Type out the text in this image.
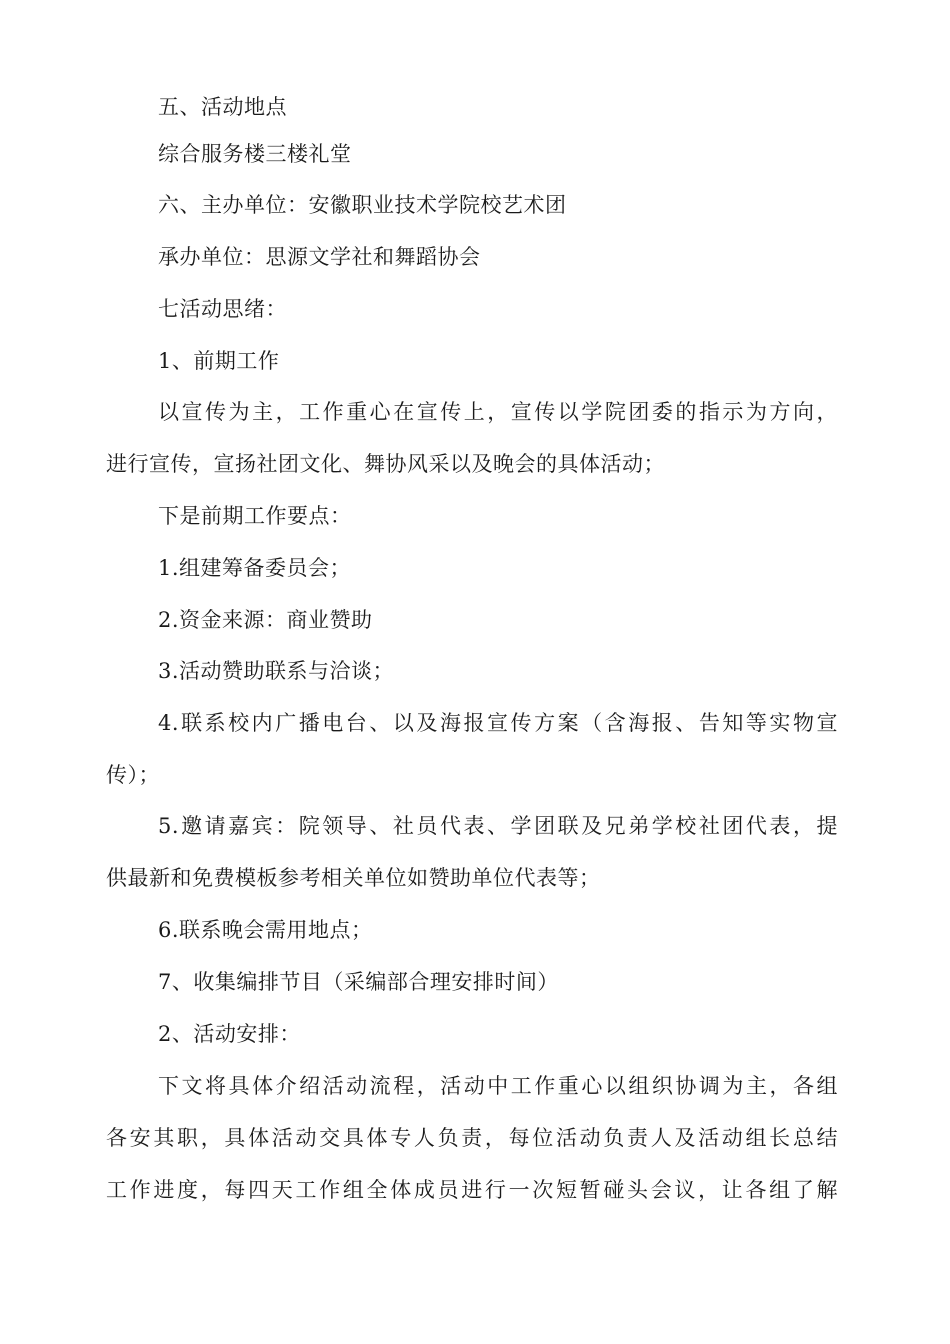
五、活动地点
综合服务楼三楼礼堂
六、主办单位：安徽职业技术学院校艺术团
承办单位：思源文学社和舞蹈协会
七活动思绪：
1、前期工作
以宣传为主，工作重心在宣传上，宣传以学院团委的指示为方向，
进行宣传，宣扬社团文化、舞协风采以及晚会的具体活动；
下是前期工作要点：
1.组建筹备委员会；
2.资金来源：商业赞助
3.活动赞助联系与洽谈；
4.联系校内广播电台、以及海报宣传方案（含海报、告知等实物宣
传）；
5.邀请嘉宾：院领导、社员代表、学团联及兄弟学校社团代表，提
供最新和免费模板参考相关单位如赞助单位代表等；
6.联系晚会需用地点；
7、收集编排节目（采编部合理安排时间）
2、活动安排：
下文将具体介绍活动流程，活动中工作重心以组织协调为主，各组
各安其职，具体活动交具体专人负责，每位活动负责人及活动组长总结
工作进度，每四天工作组全体成员进行一次短暂碰头会议，让各组了解
